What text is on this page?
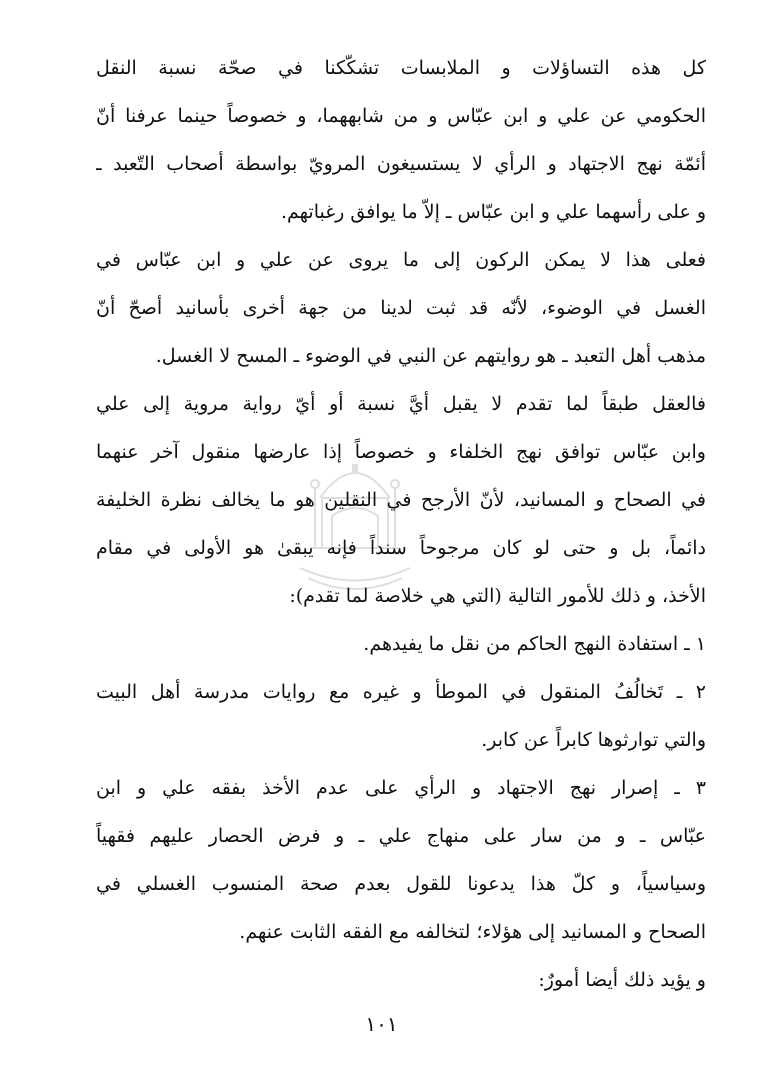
كل هذه التساؤلات و الملابسات تشكّكنا في صحّة نسبة النقل
الحكومي عن علي و ابن عبّاس و من شابههما، و خصوصاً حينما عرفنا أنّ
أئمّة نهج الاجتهاد و الرأي لا يستسيغون المرويّ بواسطة أصحاب التّعبد ـ
و على رأسهما علي و ابن عبّاس ـ إلاّ ما يوافق رغباتهم.
فعلى هذا لا يمكن الركون إلى ما يروى عن علي و ابن عبّاس في
الغسل في الوضوء، لأنّه قد ثبت لدينا من جهة أخرى بأسانيد أصحّ أنّ
مذهب أهل التعبد ـ هو روايتهم عن النبي في الوضوء ـ المسح لا الغسل.
فالعقل طبقاً لما تقدم لا يقبل أيَّ نسبة أو أيّ رواية مروية إلى علي
وابن عبّاس توافق نهج الخلفاء و خصوصاً إذا عارضها منقول آخر عنهما
في الصحاح و المسانيد، لأنّ الأرجح في النقلين هو ما يخالف نظرة الخليفة
دائماً، بل و حتى لو كان مرجوحاً سنداً فإنه يبقىٰ هو الأولى في مقام
الأخذ، و ذلك للأمور التالية (التي هي خلاصة لما تقدم):
١ ـ استفادة النهج الحاكم من نقل ما يفيدهم.
٢ ـ تَخالُفُ المنقول في الموطأ و غيره مع روايات مدرسة أهل البيت
والتي توارثوها كابراً عن كابر.
٣ ـ إصرار نهج الاجتهاد و الرأي على عدم الأخذ بفقه علي و ابن
عبّاس ـ و من سار على منهاج علي ـ و فرض الحصار عليهم فقهياً
وسياسياً، و كلّ هذا يدعونا للقول بعدم صحة المنسوب الغسلي في
الصحاح و المسانيد إلى هؤلاء؛ لتخالفه مع الفقه الثابت عنهم.
و يؤيد ذلك أيضا أمورٌ:
١٠١
